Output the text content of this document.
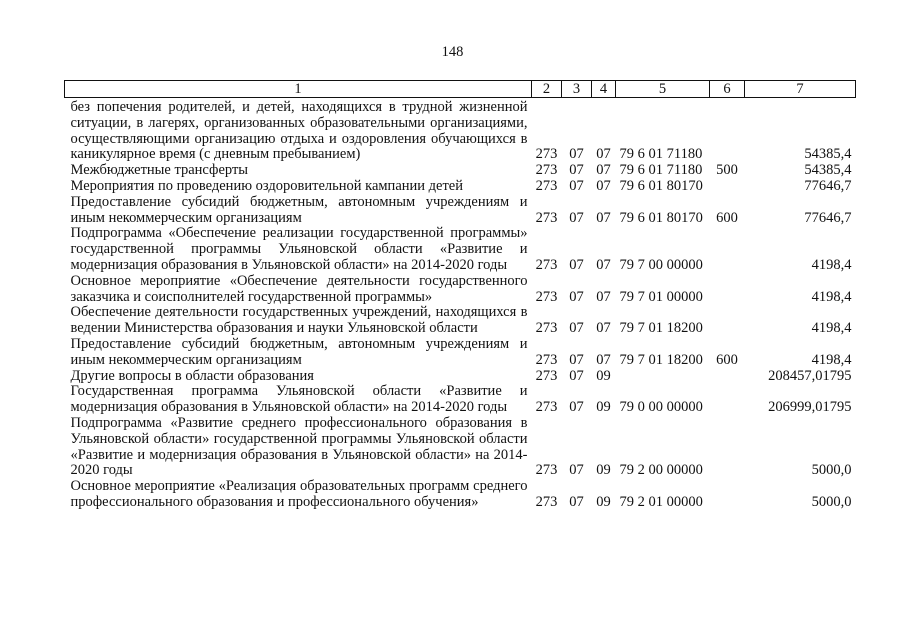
148
1	2	3	4	5	6	7
без попечения родителей, и детей, находящихся в трудной жизненной ситуации, в лагерях, организованных образовательными организациями, осуществляющими организацию отдыха и оздоровления обучающихся в каникулярное время (с дневным пребыванием)	273	07	07	79 6 01 71180		54385,4
Межбюджетные трансферты	273	07	07	79 6 01 71180	500	54385,4
Мероприятия по проведению оздоровительной кампании детей	273	07	07	79 6 01 80170		77646,7
Предоставление субсидий бюджетным, автономным учреждениям и иным некоммерческим организациям	273	07	07	79 6 01 80170	600	77646,7
Подпрограмма «Обеспечение реализации государственной программы» государственной программы Ульяновской области «Развитие и модернизация образования в Ульяновской области» на 2014-2020 годы	273	07	07	79 7 00 00000		4198,4
Основное мероприятие «Обеспечение деятельности государственного заказчика и соисполнителей государственной программы»	273	07	07	79 7 01 00000		4198,4
Обеспечение деятельности государственных учреждений, находящихся в ведении Министерства образования и науки Ульяновской области	273	07	07	79 7 01 18200		4198,4
Предоставление субсидий бюджетным, автономным учреждениям и иным некоммерческим организациям	273	07	07	79 7 01 18200	600	4198,4
Другие вопросы в области образования	273	07	09			208457,01795
Государственная программа Ульяновской области «Развитие и модернизация образования в Ульяновской области» на 2014-2020 годы	273	07	09	79 0 00 00000		206999,01795
Подпрограмма «Развитие среднего профессионального образования в Ульяновской области» государственной программы Ульяновской области «Развитие и модернизация образования в Ульяновской области» на 2014-2020 годы	273	07	09	79 2 00 00000		5000,0
Основное мероприятие «Реализация образовательных программ среднего профессионального образования и профессионального обучения»	273	07	09	79 2 01 00000		5000,0
